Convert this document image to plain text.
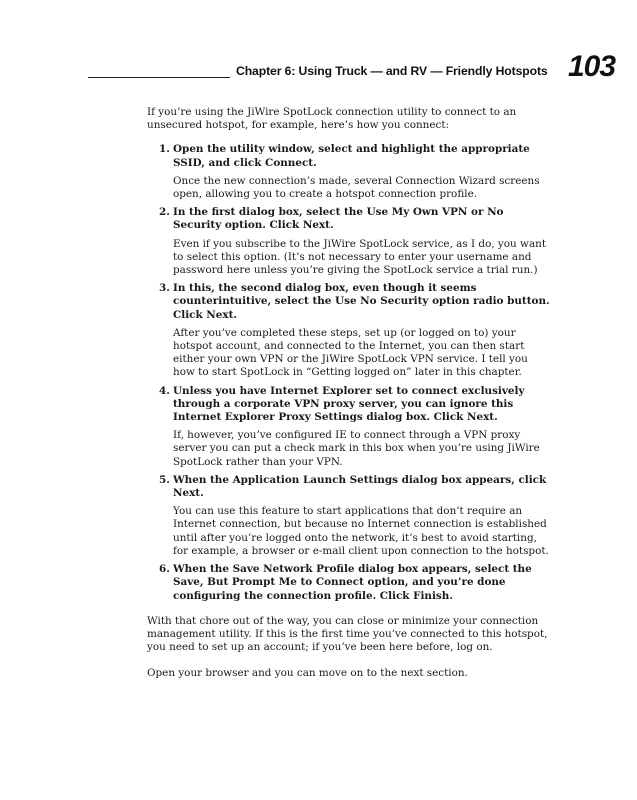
Chapter 6: Using Truck — and RV — Friendly Hotspots 103

If you’re using the JiWire SpotLock connection utility to connect to an unsecured hotspot, for example, here’s how you connect:

1. Open the utility window, select and highlight the appropriate SSID, and click Connect.

Once the new connection’s made, several Connection Wizard screens open, allowing you to create a hotspot connection profile.

2. In the first dialog box, select the Use My Own VPN or No Security option. Click Next.

Even if you subscribe to the JiWire SpotLock service, as I do, you want to select this option. (It’s not necessary to enter your username and password here unless you’re giving the SpotLock service a trial run.)

3. In this, the second dialog box, even though it seems counterintuitive, select the Use No Security option radio button. Click Next.

After you’ve completed these steps, set up (or logged on to) your hotspot account, and connected to the Internet, you can then start either your own VPN or the JiWire SpotLock VPN service. I tell you how to start SpotLock in “Getting logged on” later in this chapter.

4. Unless you have Internet Explorer set to connect exclusively through a corporate VPN proxy server, you can ignore this Internet Explorer Proxy Settings dialog box. Click Next.

If, however, you’ve configured IE to connect through a VPN proxy server you can put a check mark in this box when you’re using JiWire SpotLock rather than your VPN.

5. When the Application Launch Settings dialog box appears, click Next.

You can use this feature to start applications that don’t require an Internet connection, but because no Internet connection is established until after you’re logged onto the network, it’s best to avoid starting, for example, a browser or e-mail client upon connection to the hotspot.

6. When the Save Network Profile dialog box appears, select the Save, But Prompt Me to Connect option, and you’re done configuring the connection profile. Click Finish.

With that chore out of the way, you can close or minimize your connection management utility. If this is the first time you’ve connected to this hotspot, you need to set up an account; if you’ve been here before, log on.

Open your browser and you can move on to the next section.
